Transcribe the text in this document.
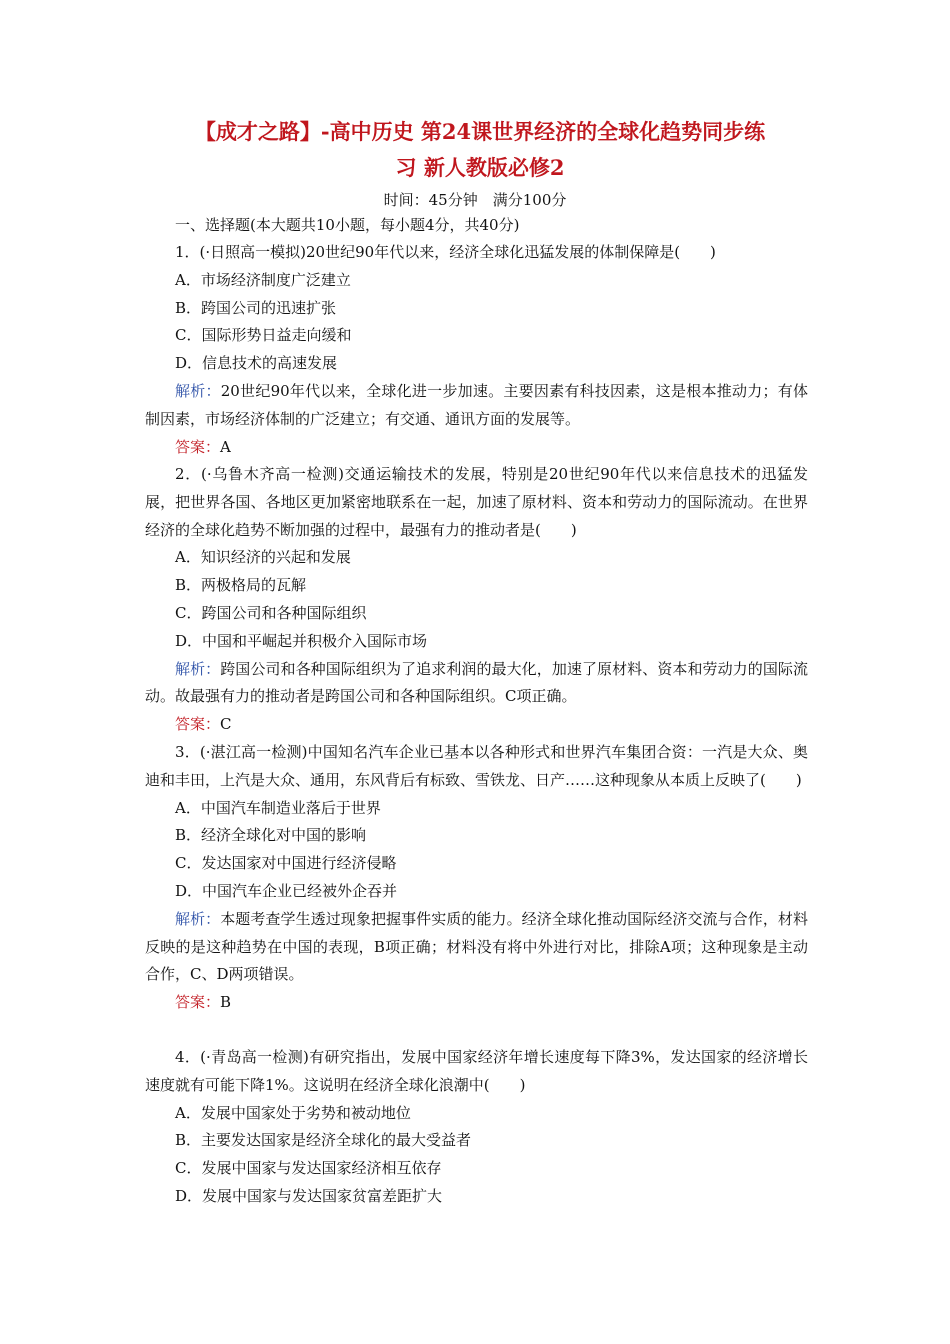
【成才之路】-高中历史 第24课世界经济的全球化趋势同步练
习 新人教版必修2
时间：45分钟　满分100分
一、选择题(本大题共10小题，每小题4分，共40分)

1．(·日照高一模拟)20世纪90年代以来，经济全球化迅猛发展的体制保障是(　　)

A．市场经济制度广泛建立
B．跨国公司的迅速扩张
C．国际形势日益走向缓和
D．信息技术的高速发展

解析：20世纪90年代以来，全球化进一步加速。主要因素有科技因素，这是根本推动力；有体制因素，市场经济体制的广泛建立；有交通、通讯方面的发展等。

答案：A

2．(·乌鲁木齐高一检测)交通运输技术的发展，特别是20世纪90年代以来信息技术的迅猛发展，把世界各国、各地区更加紧密地联系在一起，加速了原材料、资本和劳动力的国际流动。在世界经济的全球化趋势不断加强的过程中，最强有力的推动者是(　　)

A．知识经济的兴起和发展
B．两极格局的瓦解
C．跨国公司和各种国际组织
D．中国和平崛起并积极介入国际市场

解析：跨国公司和各种国际组织为了追求利润的最大化，加速了原材料、资本和劳动力的国际流动。故最强有力的推动者是跨国公司和各种国际组织。C项正确。

答案：C

3．(·湛江高一检测)中国知名汽车企业已基本以各种形式和世界汽车集团合资：一汽是大众、奥迪和丰田，上汽是大众、通用，东风背后有标致、雪铁龙、日产……这种现象从本质上反映了(　　)

A．中国汽车制造业落后于世界
B．经济全球化对中国的影响
C．发达国家对中国进行经济侵略
D．中国汽车企业已经被外企吞并

解析：本题考查学生透过现象把握事件实质的能力。经济全球化推动国际经济交流与合作，材料反映的是这种趋势在中国的表现，B项正确；材料没有将中外进行对比，排除A项；这种现象是主动合作，C、D两项错误。

答案：B

4．(·青岛高一检测)有研究指出，发展中国家经济年增长速度每下降3%，发达国家的经济增长速度就有可能下降1%。这说明在经济全球化浪潮中(　　)

A．发展中国家处于劣势和被动地位
B．主要发达国家是经济全球化的最大受益者
C．发展中国家与发达国家经济相互依存
D．发展中国家与发达国家贫富差距扩大
